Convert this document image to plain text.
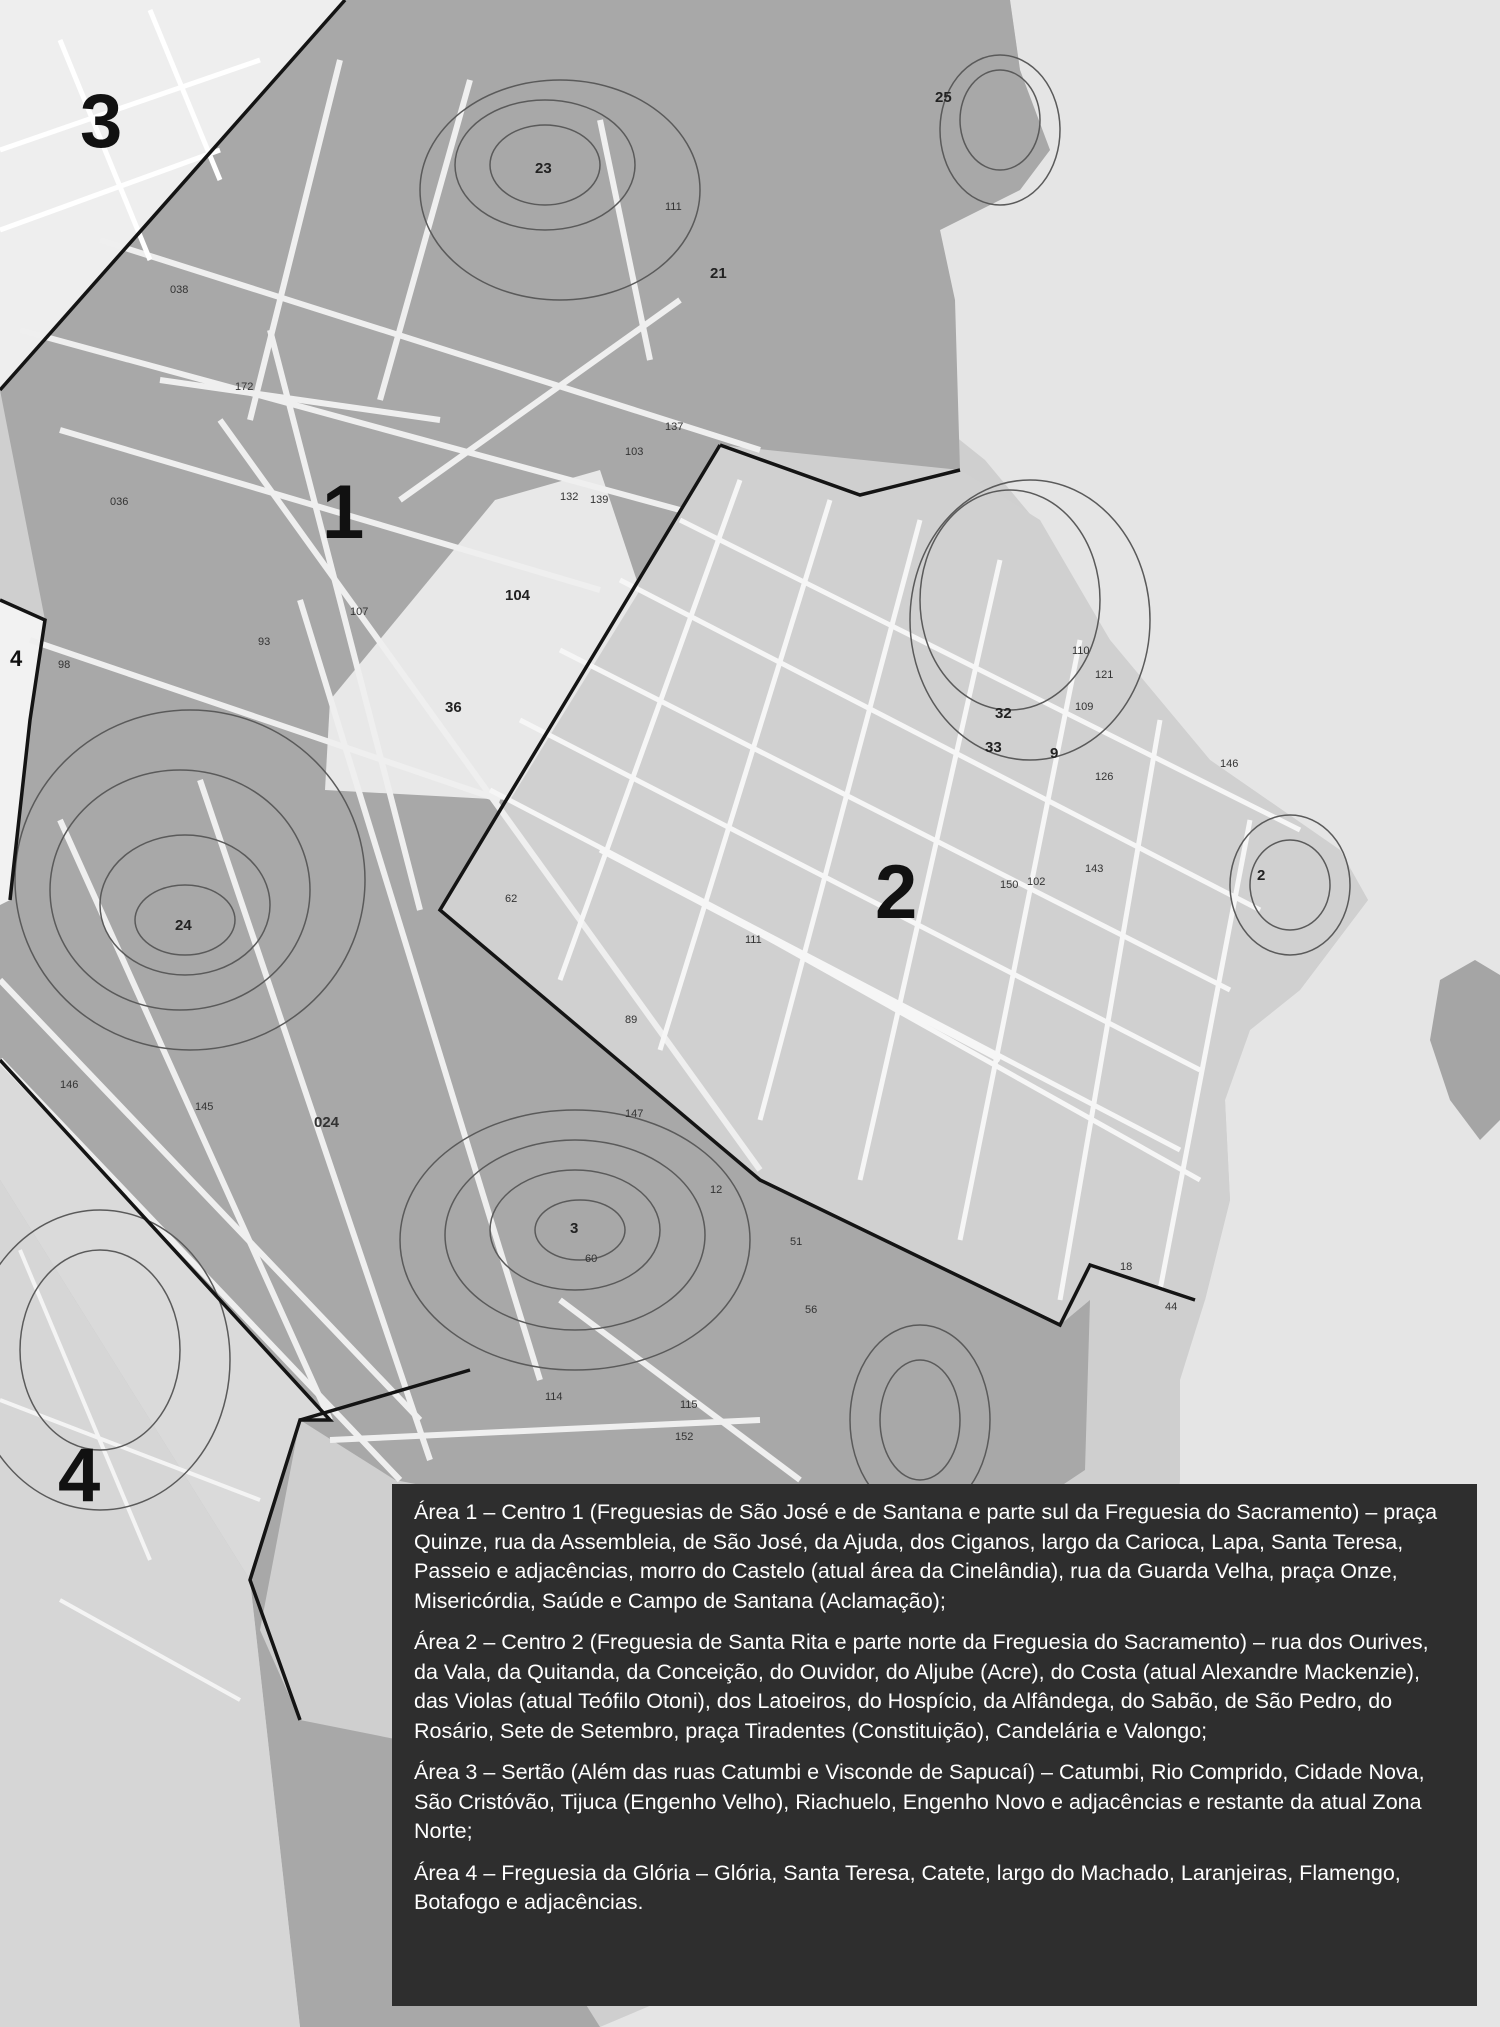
23
21
25
24
3
9
2
32
33
36
104
038
036
172
132
103
107
93
98
024
145
146
114
152
115
60
12
51
56
150 102
143
121
110
109
146
18
44
89
111
62
147
137
139
126
111
3
1
2
4
4

Área 1 – Centro 1 (Freguesias de São José e de Santana e parte sul da Freguesia do Sacramento) – praça Quinze, rua da Assembleia, de São José, da Ajuda, dos Ciganos, largo da Carioca, Lapa, Santa Teresa, Passeio e adjacências, morro do Castelo (atual área da Cinelândia), rua da Guarda Velha, praça Onze, Misericórdia, Saúde e Campo de Santana (Aclamação);

Área 2 – Centro 2 (Freguesia de Santa Rita e parte norte da Freguesia do Sacramento) – rua dos Ourives, da Vala, da Quitanda, da Conceição, do Ouvidor, do Aljube (Acre), do Costa (atual Alexandre Mackenzie), das Violas (atual Teófilo Otoni), dos Latoeiros, do Hospício, da Alfândega, do Sabão, de São Pedro, do Rosário, Sete de Setembro, praça Tiradentes (Constituição), Candelária e Valongo;

Área 3 – Sertão (Além das ruas Catumbi e Visconde de Sapucaí) – Catumbi, Rio Comprido, Cidade Nova, São Cristóvão, Tijuca (Engenho Velho), Riachuelo, Engenho Novo e adjacências e restante da atual Zona Norte;

Área 4 – Freguesia da Glória – Glória, Santa Teresa, Catete, largo do Machado, Laranjeiras, Flamengo, Botafogo e adjacências.
